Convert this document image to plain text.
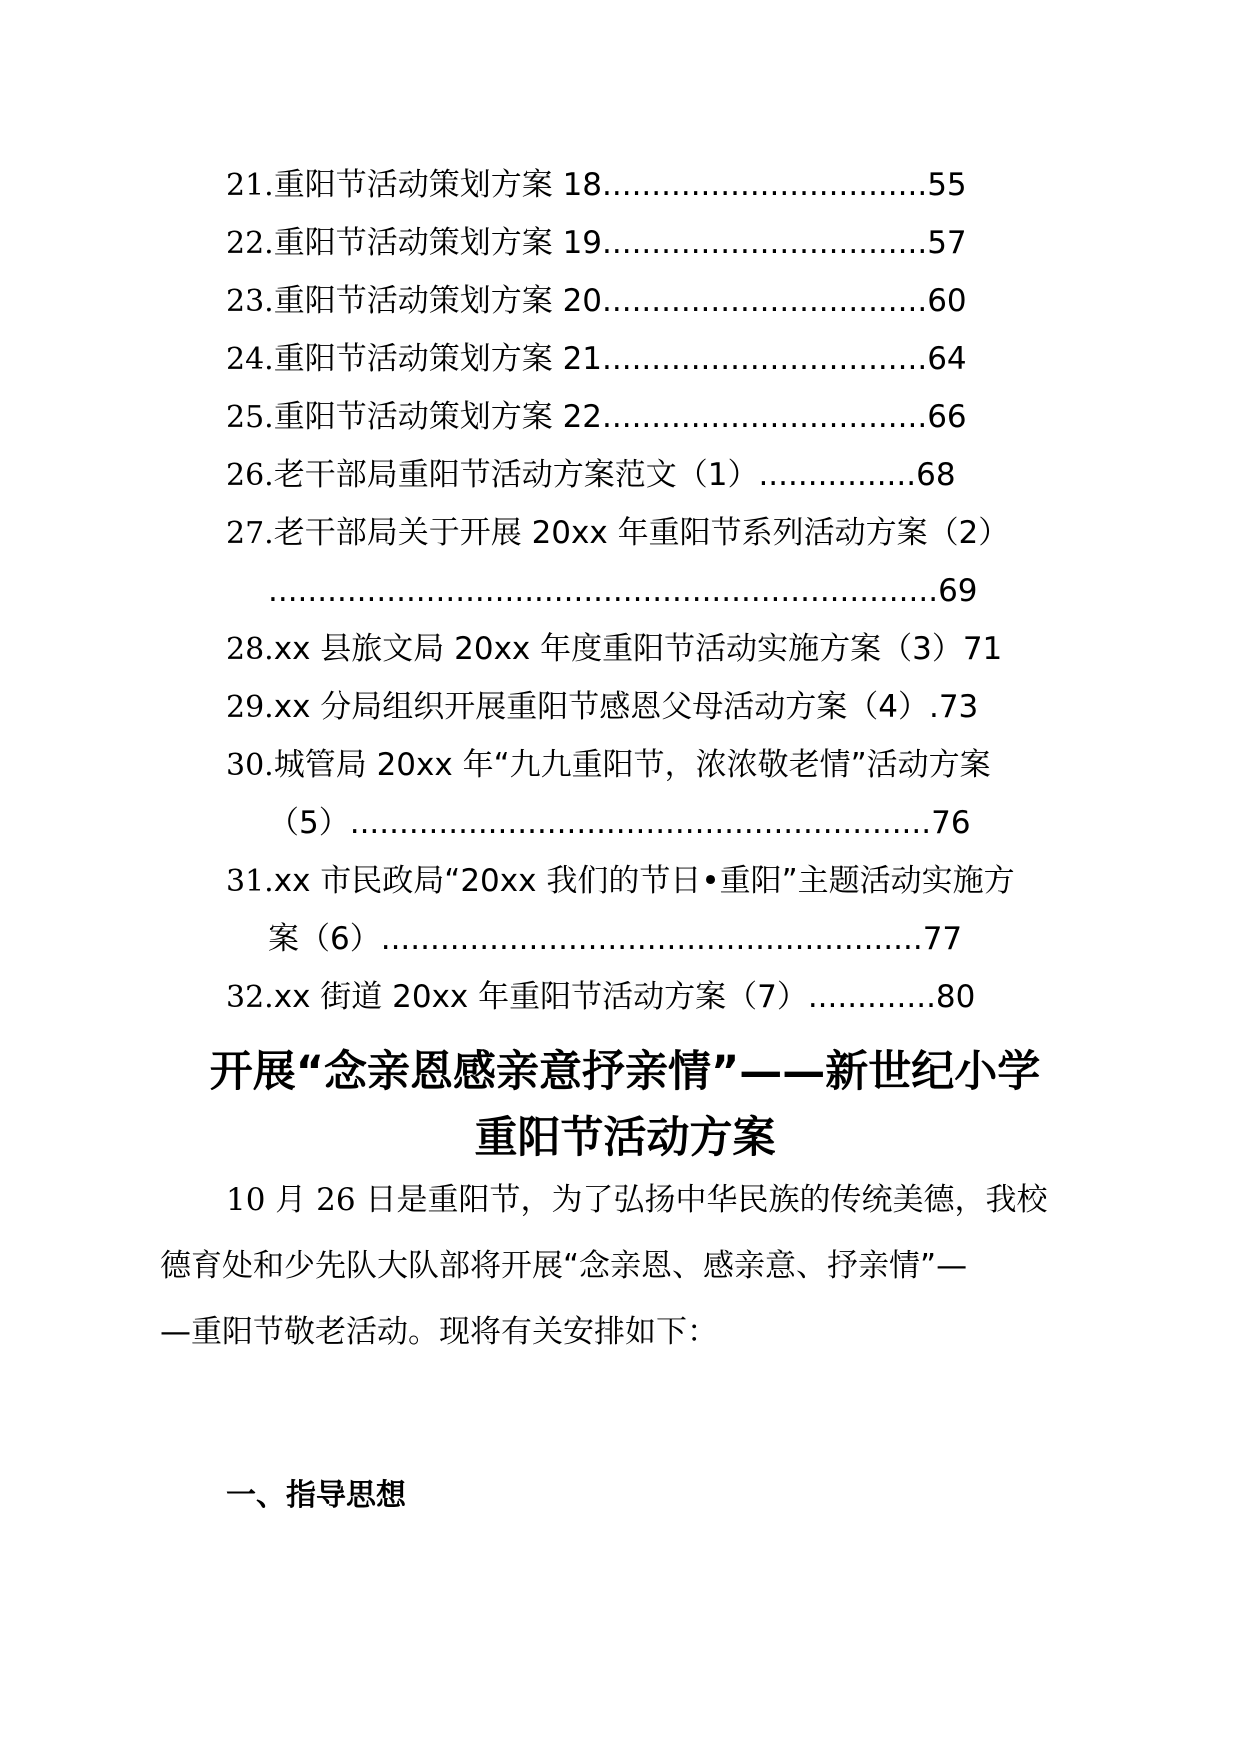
21.重阳节活动策划方案 18.................................55
22.重阳节活动策划方案 19.................................57
23.重阳节活动策划方案 20.................................60
24.重阳节活动策划方案 21.................................64
25.重阳节活动策划方案 22.................................66
26.老干部局重阳节活动方案范文（1）................68
27.老干部局关于开展 20xx 年重阳节系列活动方案（2）
....................................................................69
28.xx 县旅文局 20xx 年度重阳节活动实施方案（3）71
29.xx 分局组织开展重阳节感恩父母活动方案（4）.73
30.城管局 20xx 年“九九重阳节，浓浓敬老情”活动方案
（5）...........................................................76
31.xx 市民政局“20xx 我们的节日•重阳”主题活动实施方
案（6）.......................................................77
32.xx 街道 20xx 年重阳节活动方案（7）.............80
开展“念亲恩感亲意抒亲情”——新世纪小学
重阳节活动方案
10 月 26 日是重阳节，为了弘扬中华民族的传统美德，我校
德育处和少先队大队部将开展“念亲恩、感亲意、抒亲情”—
—重阳节敬老活动。现将有关安排如下：
一、指导思想
